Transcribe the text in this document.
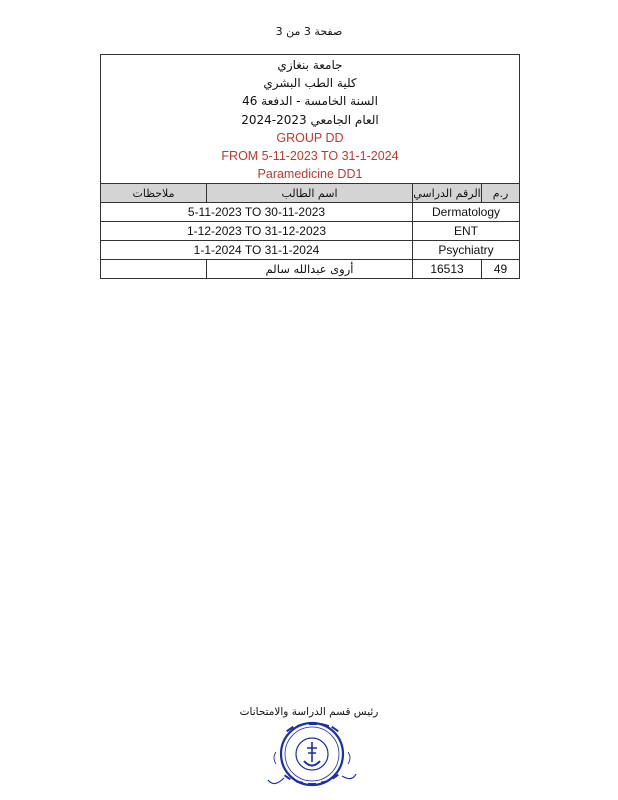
صفحة 3 من 3
جامعة بنغازي
كلية الطب البشري
السنة الخامسة - الدفعة 46
العام الجامعي 2023-2024
GROUP DD
FROM 5-11-2023 TO 31-1-2024
Paramedicine DD1
ر.م
الرقم الدراسي
اسم الطالب
ملاحظات
Dermatology
5-11-2023 TO 30-11-2023
ENT
1-12-2023 TO 31-12-2023
Psychiatry
1-1-2024 TO 31-1-2024
49
16513
أروى عبدالله سالم
رئيس قسم الدراسة والامتحانات
